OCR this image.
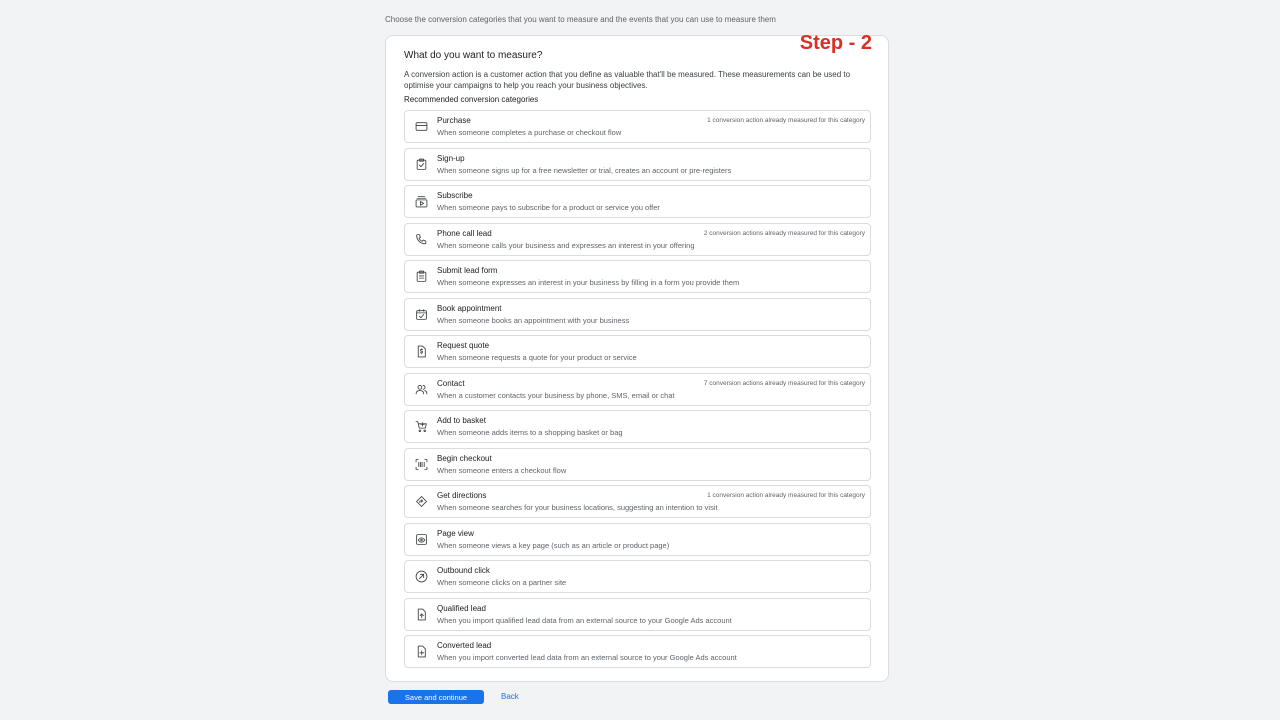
Choose the conversion categories that you want to measure and the events that you can use to measure them
Step - 2
What do you want to measure?
A conversion action is a customer action that you define as valuable that'll be measured. These measurements can be used to optimise your campaigns to help you reach your business objectives.
Recommended conversion categories
Purchase
When someone completes a purchase or checkout flow
1 conversion action already measured for this category
Sign-up
When someone signs up for a free newsletter or trial, creates an account or pre-registers
Subscribe
When someone pays to subscribe for a product or service you offer
Phone call lead
When someone calls your business and expresses an interest in your offering
2 conversion actions already measured for this category
Submit lead form
When someone expresses an interest in your business by filling in a form you provide them
Book appointment
When someone books an appointment with your business
Request quote
When someone requests a quote for your product or service
Contact
When a customer contacts your business by phone, SMS, email or chat
7 conversion actions already measured for this category
Add to basket
When someone adds items to a shopping basket or bag
Begin checkout
When someone enters a checkout flow
Get directions
When someone searches for your business locations, suggesting an intention to visit
1 conversion action already measured for this category
Page view
When someone views a key page (such as an article or product page)
Outbound click
When someone clicks on a partner site
Qualified lead
When you import qualified lead data from an external source to your Google Ads account
Converted lead
When you import converted lead data from an external source to your Google Ads account
Save and continue	Back
